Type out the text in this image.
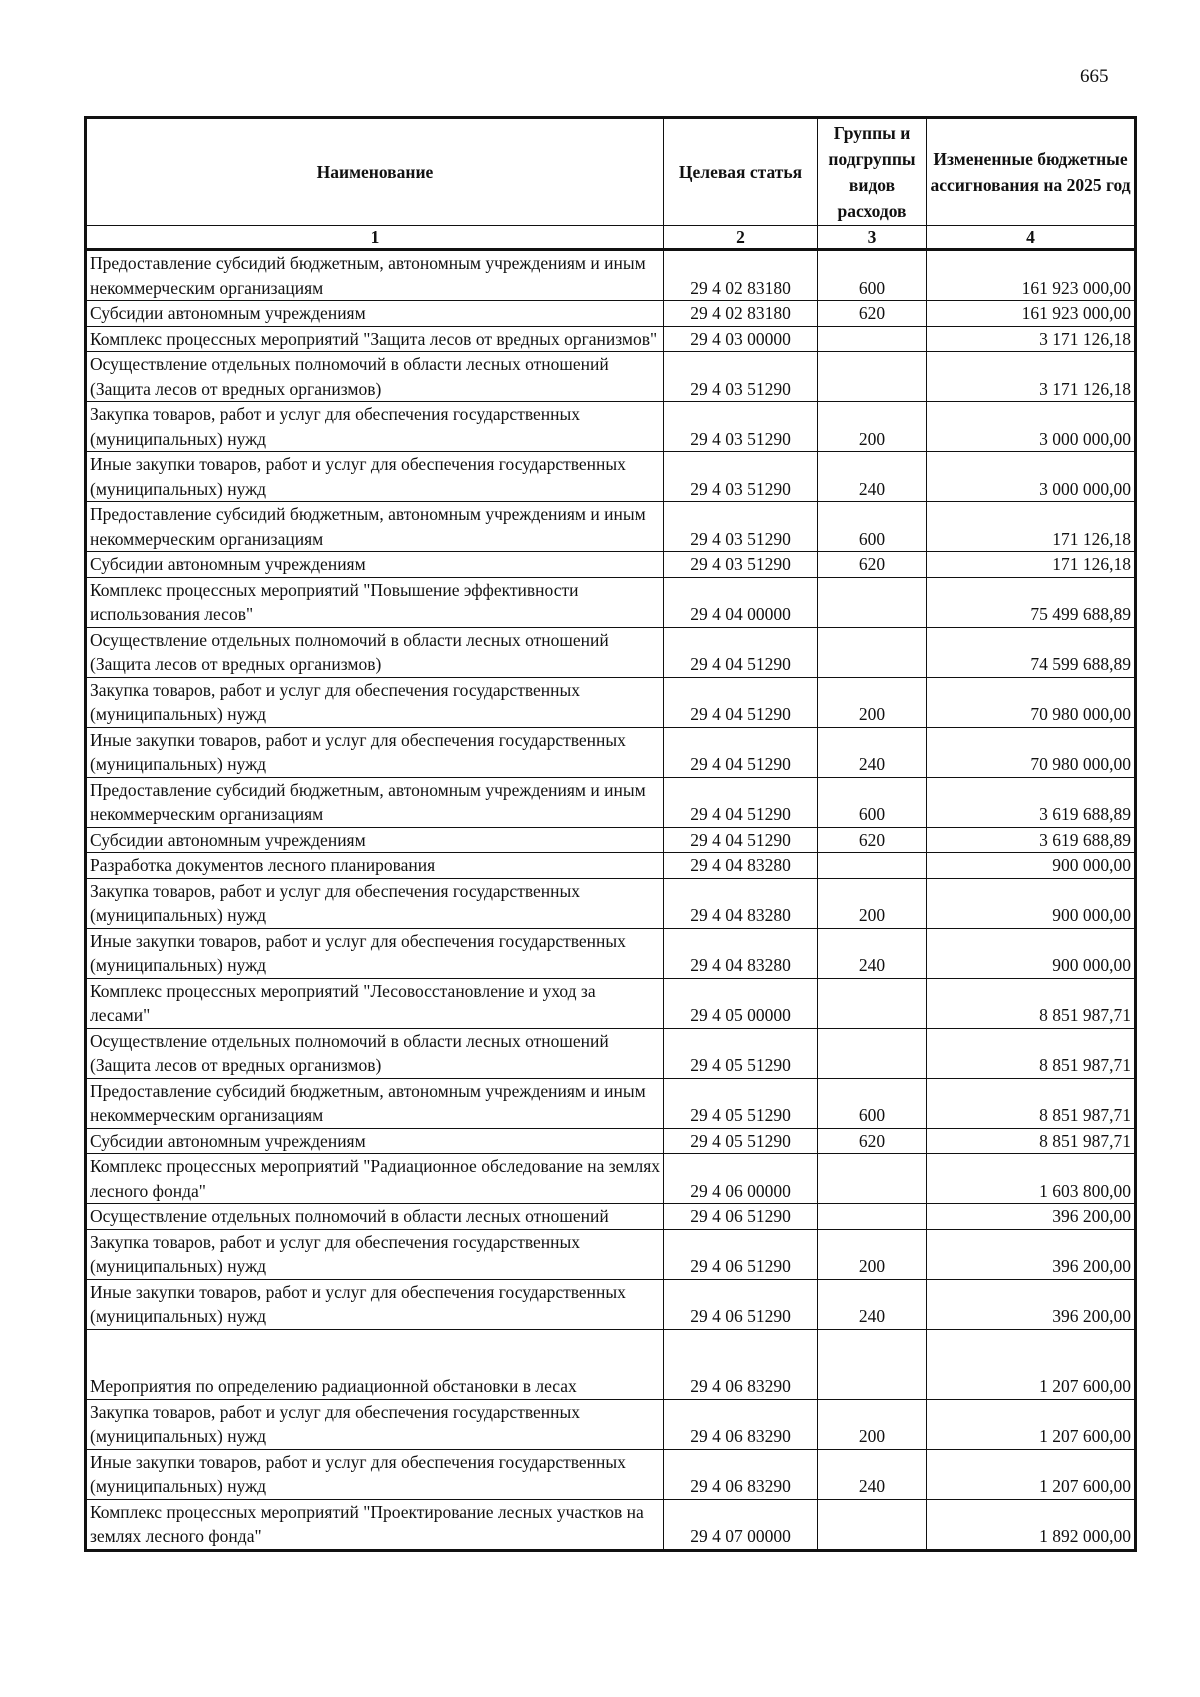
665
Наименование	Целевая статья	Группы и подгруппы видов расходов	Измененные бюджетные ассигнования на 2025 год
1	2	3	4
Предоставление субсидий бюджетным, автономным учреждениям и иным некоммерческим организациям	29 4 02 83180	600	161 923 000,00
Субсидии автономным учреждениям	29 4 02 83180	620	161 923 000,00
Комплекс процессных мероприятий "Защита лесов от вредных организмов"	29 4 03 00000		3 171 126,18
Осуществление отдельных полномочий в области лесных отношений (Защита лесов от вредных организмов)	29 4 03 51290		3 171 126,18
Закупка товаров, работ и услуг для обеспечения государственных (муниципальных) нужд	29 4 03 51290	200	3 000 000,00
Иные закупки товаров, работ и услуг для обеспечения государственных (муниципальных) нужд	29 4 03 51290	240	3 000 000,00
Предоставление субсидий бюджетным, автономным учреждениям и иным некоммерческим организациям	29 4 03 51290	600	171 126,18
Субсидии автономным учреждениям	29 4 03 51290	620	171 126,18
Комплекс процессных мероприятий "Повышение эффективности использования лесов"	29 4 04 00000		75 499 688,89
Осуществление отдельных полномочий в области лесных отношений (Защита лесов от вредных организмов)	29 4 04 51290		74 599 688,89
Закупка товаров, работ и услуг для обеспечения государственных (муниципальных) нужд	29 4 04 51290	200	70 980 000,00
Иные закупки товаров, работ и услуг для обеспечения государственных (муниципальных) нужд	29 4 04 51290	240	70 980 000,00
Предоставление субсидий бюджетным, автономным учреждениям и иным некоммерческим организациям	29 4 04 51290	600	3 619 688,89
Субсидии автономным учреждениям	29 4 04 51290	620	3 619 688,89
Разработка документов лесного планирования	29 4 04 83280		900 000,00
Закупка товаров, работ и услуг для обеспечения государственных (муниципальных) нужд	29 4 04 83280	200	900 000,00
Иные закупки товаров, работ и услуг для обеспечения государственных (муниципальных) нужд	29 4 04 83280	240	900 000,00
Комплекс процессных мероприятий "Лесовосстановление и уход за лесами"	29 4 05 00000		8 851 987,71
Осуществление отдельных полномочий в области лесных отношений (Защита лесов от вредных организмов)	29 4 05 51290		8 851 987,71
Предоставление субсидий бюджетным, автономным учреждениям и иным некоммерческим организациям	29 4 05 51290	600	8 851 987,71
Субсидии автономным учреждениям	29 4 05 51290	620	8 851 987,71
Комплекс процессных мероприятий "Радиационное обследование на землях лесного фонда"	29 4 06 00000		1 603 800,00
Осуществление отдельных полномочий в области лесных отношений	29 4 06 51290		396 200,00
Закупка товаров, работ и услуг для обеспечения государственных (муниципальных) нужд	29 4 06 51290	200	396 200,00
Иные закупки товаров, работ и услуг для обеспечения государственных (муниципальных) нужд	29 4 06 51290	240	396 200,00
Мероприятия по определению радиационной обстановки в лесах	29 4 06 83290		1 207 600,00
Закупка товаров, работ и услуг для обеспечения государственных (муниципальных) нужд	29 4 06 83290	200	1 207 600,00
Иные закупки товаров, работ и услуг для обеспечения государственных (муниципальных) нужд	29 4 06 83290	240	1 207 600,00
Комплекс процессных мероприятий "Проектирование лесных участков на землях лесного фонда"	29 4 07 00000		1 892 000,00
